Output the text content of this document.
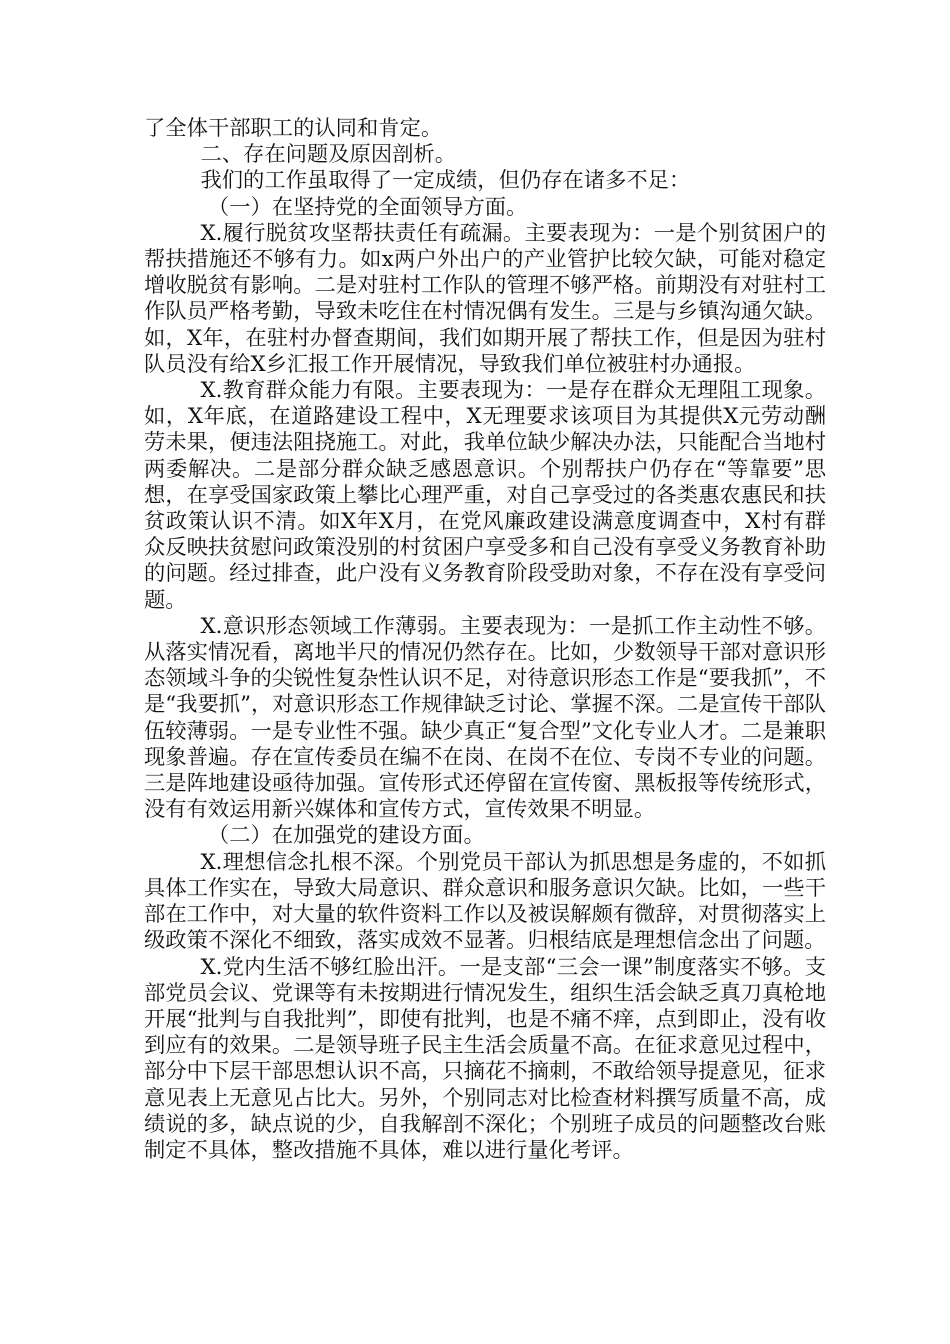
了全体干部职工的认同和肯定。

二、存在问题及原因剖析。

我们的工作虽取得了一定成绩，但仍存在诸多不足：

（一）在坚持党的全面领导方面。

X.履行脱贫攻坚帮扶责任有疏漏。主要表现为：一是个别贫困户的帮扶措施还不够有力。如x两户外出户的产业管护比较欠缺，可能对稳定增收脱贫有影响。二是对驻村工作队的管理不够严格。前期没有对驻村工作队员严格考勤，导致未吃住在村情况偶有发生。三是与乡镇沟通欠缺。如，X年，在驻村办督查期间，我们如期开展了帮扶工作，但是因为驻村队员没有给X乡汇报工作开展情况，导致我们单位被驻村办通报。

X.教育群众能力有限。主要表现为：一是存在群众无理阻工现象。如，X年底，在道路建设工程中，X无理要求该项目为其提供X元劳动酬劳未果，便违法阻挠施工。对此，我单位缺少解决办法，只能配合当地村两委解决。二是部分群众缺乏感恩意识。个别帮扶户仍存在“等靠要”思想，在享受国家政策上攀比心理严重，对自己享受过的各类惠农惠民和扶贫政策认识不清。如X年X月，在党风廉政建设满意度调查中，X村有群众反映扶贫慰问政策没别的村贫困户享受多和自己没有享受义务教育补助的问题。经过排查，此户没有义务教育阶段受助对象，不存在没有享受问题。

X.意识形态领域工作薄弱。主要表现为：一是抓工作主动性不够。从落实情况看，离地半尺的情况仍然存在。比如，少数领导干部对意识形态领域斗争的尖锐性复杂性认识不足，对待意识形态工作是“要我抓”，不是“我要抓”，对意识形态工作规律缺乏讨论、掌握不深。二是宣传干部队伍较薄弱。一是专业性不强。缺少真正“复合型”文化专业人才。二是兼职现象普遍。存在宣传委员在编不在岗、在岗不在位、专岗不专业的问题。三是阵地建设亟待加强。宣传形式还停留在宣传窗、黑板报等传统形式，没有有效运用新兴媒体和宣传方式，宣传效果不明显。

（二）在加强党的建设方面。

X.理想信念扎根不深。个别党员干部认为抓思想是务虚的，不如抓具体工作实在，导致大局意识、群众意识和服务意识欠缺。比如，一些干部在工作中，对大量的软件资料工作以及被误解颇有微辞，对贯彻落实上级政策不深化不细致，落实成效不显著。归根结底是理想信念出了问题。

X.党内生活不够红脸出汗。一是支部“三会一课”制度落实不够。支部党员会议、党课等有未按期进行情况发生，组织生活会缺乏真刀真枪地开展“批判与自我批判”，即使有批判，也是不痛不痒，点到即止，没有收到应有的效果。二是领导班子民主生活会质量不高。在征求意见过程中，部分中下层干部思想认识不高，只摘花不摘刺，不敢给领导提意见，征求意见表上无意见占比大。另外，个别同志对比检查材料撰写质量不高，成绩说的多，缺点说的少，自我解剖不深化；个别班子成员的问题整改台账制定不具体，整改措施不具体，难以进行量化考评。
